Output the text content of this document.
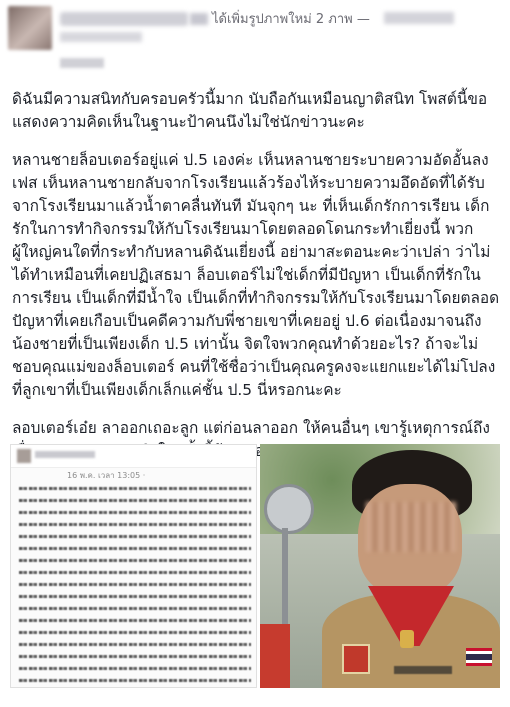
ได้เพิ่มรูปภาพใหม่ 2 ภาพ —

ดิฉันมีความสนิทกับครอบครัวนี้มาก นับถือกันเหมือนญาติสนิท โพสต์นี้ขอแสดงความคิดเห็นในฐานะป้าคนนึงไม่ใช่นักข่าวนะคะ

หลานชายล็อบเตอร์อยู่แค่ ป.5 เองค่ะ เห็นหลานชายระบายความอัดอั้นลงเฟส เห็นหลานชายกลับจากโรงเรียนแล้วร้องไห้ระบายความอึดอัดที่ได้รับจากโรงเรียนมาแล้วน้ำตาคลื่นทันที มันจุกๆ นะ ที่เห็นเด็กรักการเรียน เด็กรักในการทำกิจกรรมให้กับโรงเรียนมาโดยตลอดโดนกระทำเยี่ยงนี้ พวกผู้ใหญ่คนใดที่กระทำกับหลานดิฉันเยี่ยงนี้ อย่ามาสะตอนะคะว่าเปล่า ว่าไม่ได้ทำเหมือนที่เคยปฏิเสธมา ล็อบเตอร์ไม่ใช่เด็กที่มีปัญหา เป็นเด็กที่รักในการเรียน เป็นเด็กที่มีน้ำใจ เป็นเด็กที่ทำกิจกรรมให้กับโรงเรียนมาโดยตลอด ปัญหาที่เคยเกือบเป็นคดีความกับพี่ชายเขาที่เคยอยู่ ป.6 ต่อเนื่องมาจนถึงน้องชายที่เป็นเพียงเด็ก ป.5 เท่านั้น จิตใจพวกคุณทำด้วยอะไร? ถ้าจะไม่ชอบคุณแม่ของล็อบเตอร์ คนที่ใช้ชื่อว่าเป็นคุณครูคงจะแยกแยะได้ไม่โปลงที่ลูกเขาที่เป็นเพียงเด็กเล็กแค่ชั้น ป.5 นี่หรอกนะคะ

ลอบเตอร์เอ๋ย ลาออกเถอะลูก แต่ก่อนลาออก ให้คนอื่นๆ เขารู้เหตุการณ์ถึง

16 พ.ค. เวลา 13:05 ·
